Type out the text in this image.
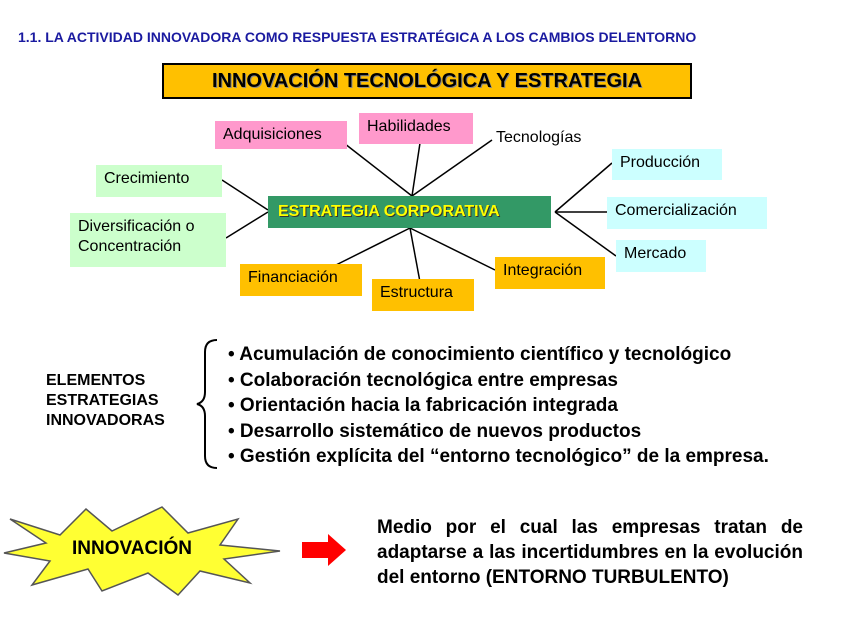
1.1. LA ACTIVIDAD INNOVADORA COMO RESPUESTA ESTRATÉGICA A LOS CAMBIOS DELENTORNO
INNOVACIÓN TECNOLÓGICA Y ESTRATEGIA
Adquisiciones	Habilidades
Tecnologías
Crecimiento
Diversificación o
Concentración
ESTRATEGIA CORPORATIVA
Producción
Comercialización
Mercado
Financiación
Estructura
Integración
ELEMENTOS
ESTRATEGIAS
INNOVADORAS
• Acumulación de conocimiento científico y tecnológico
• Colaboración tecnológica entre empresas
• Orientación hacia la fabricación integrada
• Desarrollo sistemático de nuevos productos
• Gestión explícita del “entorno tecnológico” de la empresa.
INNOVACIÓN
Medio por el cual las empresas tratan de adaptarse a las incertidumbres en la evolución del entorno (ENTORNO TURBULENTO)
